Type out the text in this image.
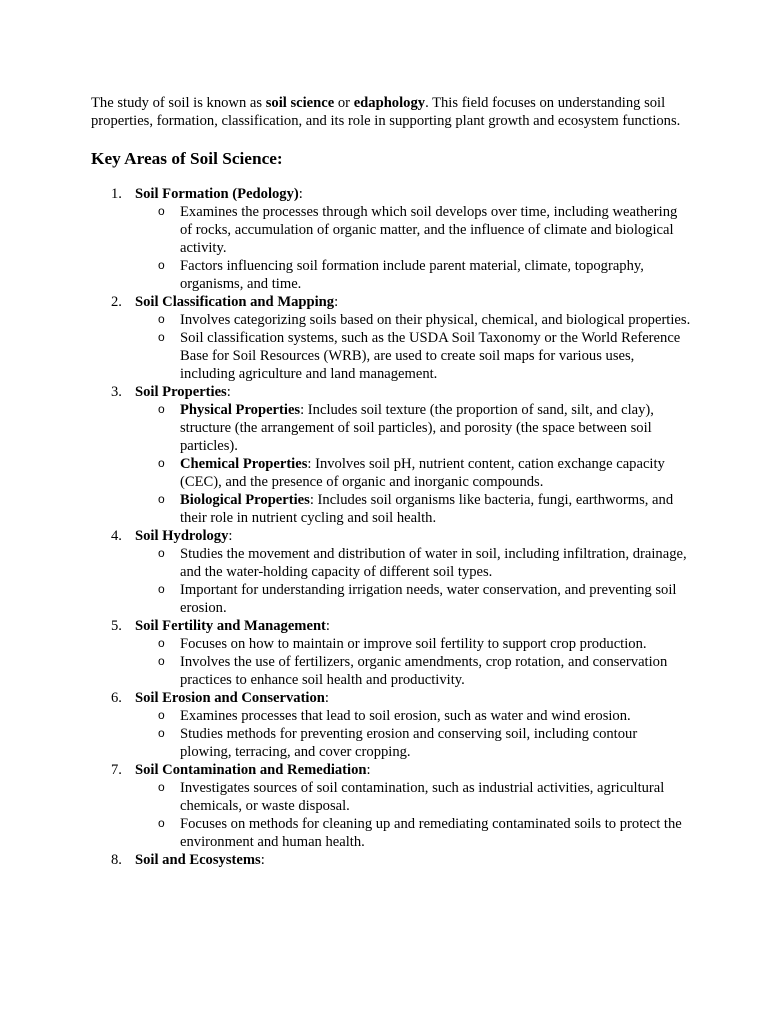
The study of soil is known as soil science or edaphology. This field focuses on understanding soil properties, formation, classification, and its role in supporting plant growth and ecosystem functions.

Key Areas of Soil Science:
1. Soil Formation (Pedology):
o Examines the processes through which soil develops over time, including weathering of rocks, accumulation of organic matter, and the influence of climate and biological activity.
o Factors influencing soil formation include parent material, climate, topography, organisms, and time.
2. Soil Classification and Mapping:
o Involves categorizing soils based on their physical, chemical, and biological properties.
o Soil classification systems, such as the USDA Soil Taxonomy or the World Reference Base for Soil Resources (WRB), are used to create soil maps for various uses, including agriculture and land management.
3. Soil Properties:
o Physical Properties: Includes soil texture (the proportion of sand, silt, and clay), structure (the arrangement of soil particles), and porosity (the space between soil particles).
o Chemical Properties: Involves soil pH, nutrient content, cation exchange capacity (CEC), and the presence of organic and inorganic compounds.
o Biological Properties: Includes soil organisms like bacteria, fungi, earthworms, and their role in nutrient cycling and soil health.
4. Soil Hydrology:
o Studies the movement and distribution of water in soil, including infiltration, drainage, and the water-holding capacity of different soil types.
o Important for understanding irrigation needs, water conservation, and preventing soil erosion.
5. Soil Fertility and Management:
o Focuses on how to maintain or improve soil fertility to support crop production.
o Involves the use of fertilizers, organic amendments, crop rotation, and conservation practices to enhance soil health and productivity.
6. Soil Erosion and Conservation:
o Examines processes that lead to soil erosion, such as water and wind erosion.
o Studies methods for preventing erosion and conserving soil, including contour plowing, terracing, and cover cropping.
7. Soil Contamination and Remediation:
o Investigates sources of soil contamination, such as industrial activities, agricultural chemicals, or waste disposal.
o Focuses on methods for cleaning up and remediating contaminated soils to protect the environment and human health.
8. Soil and Ecosystems:
